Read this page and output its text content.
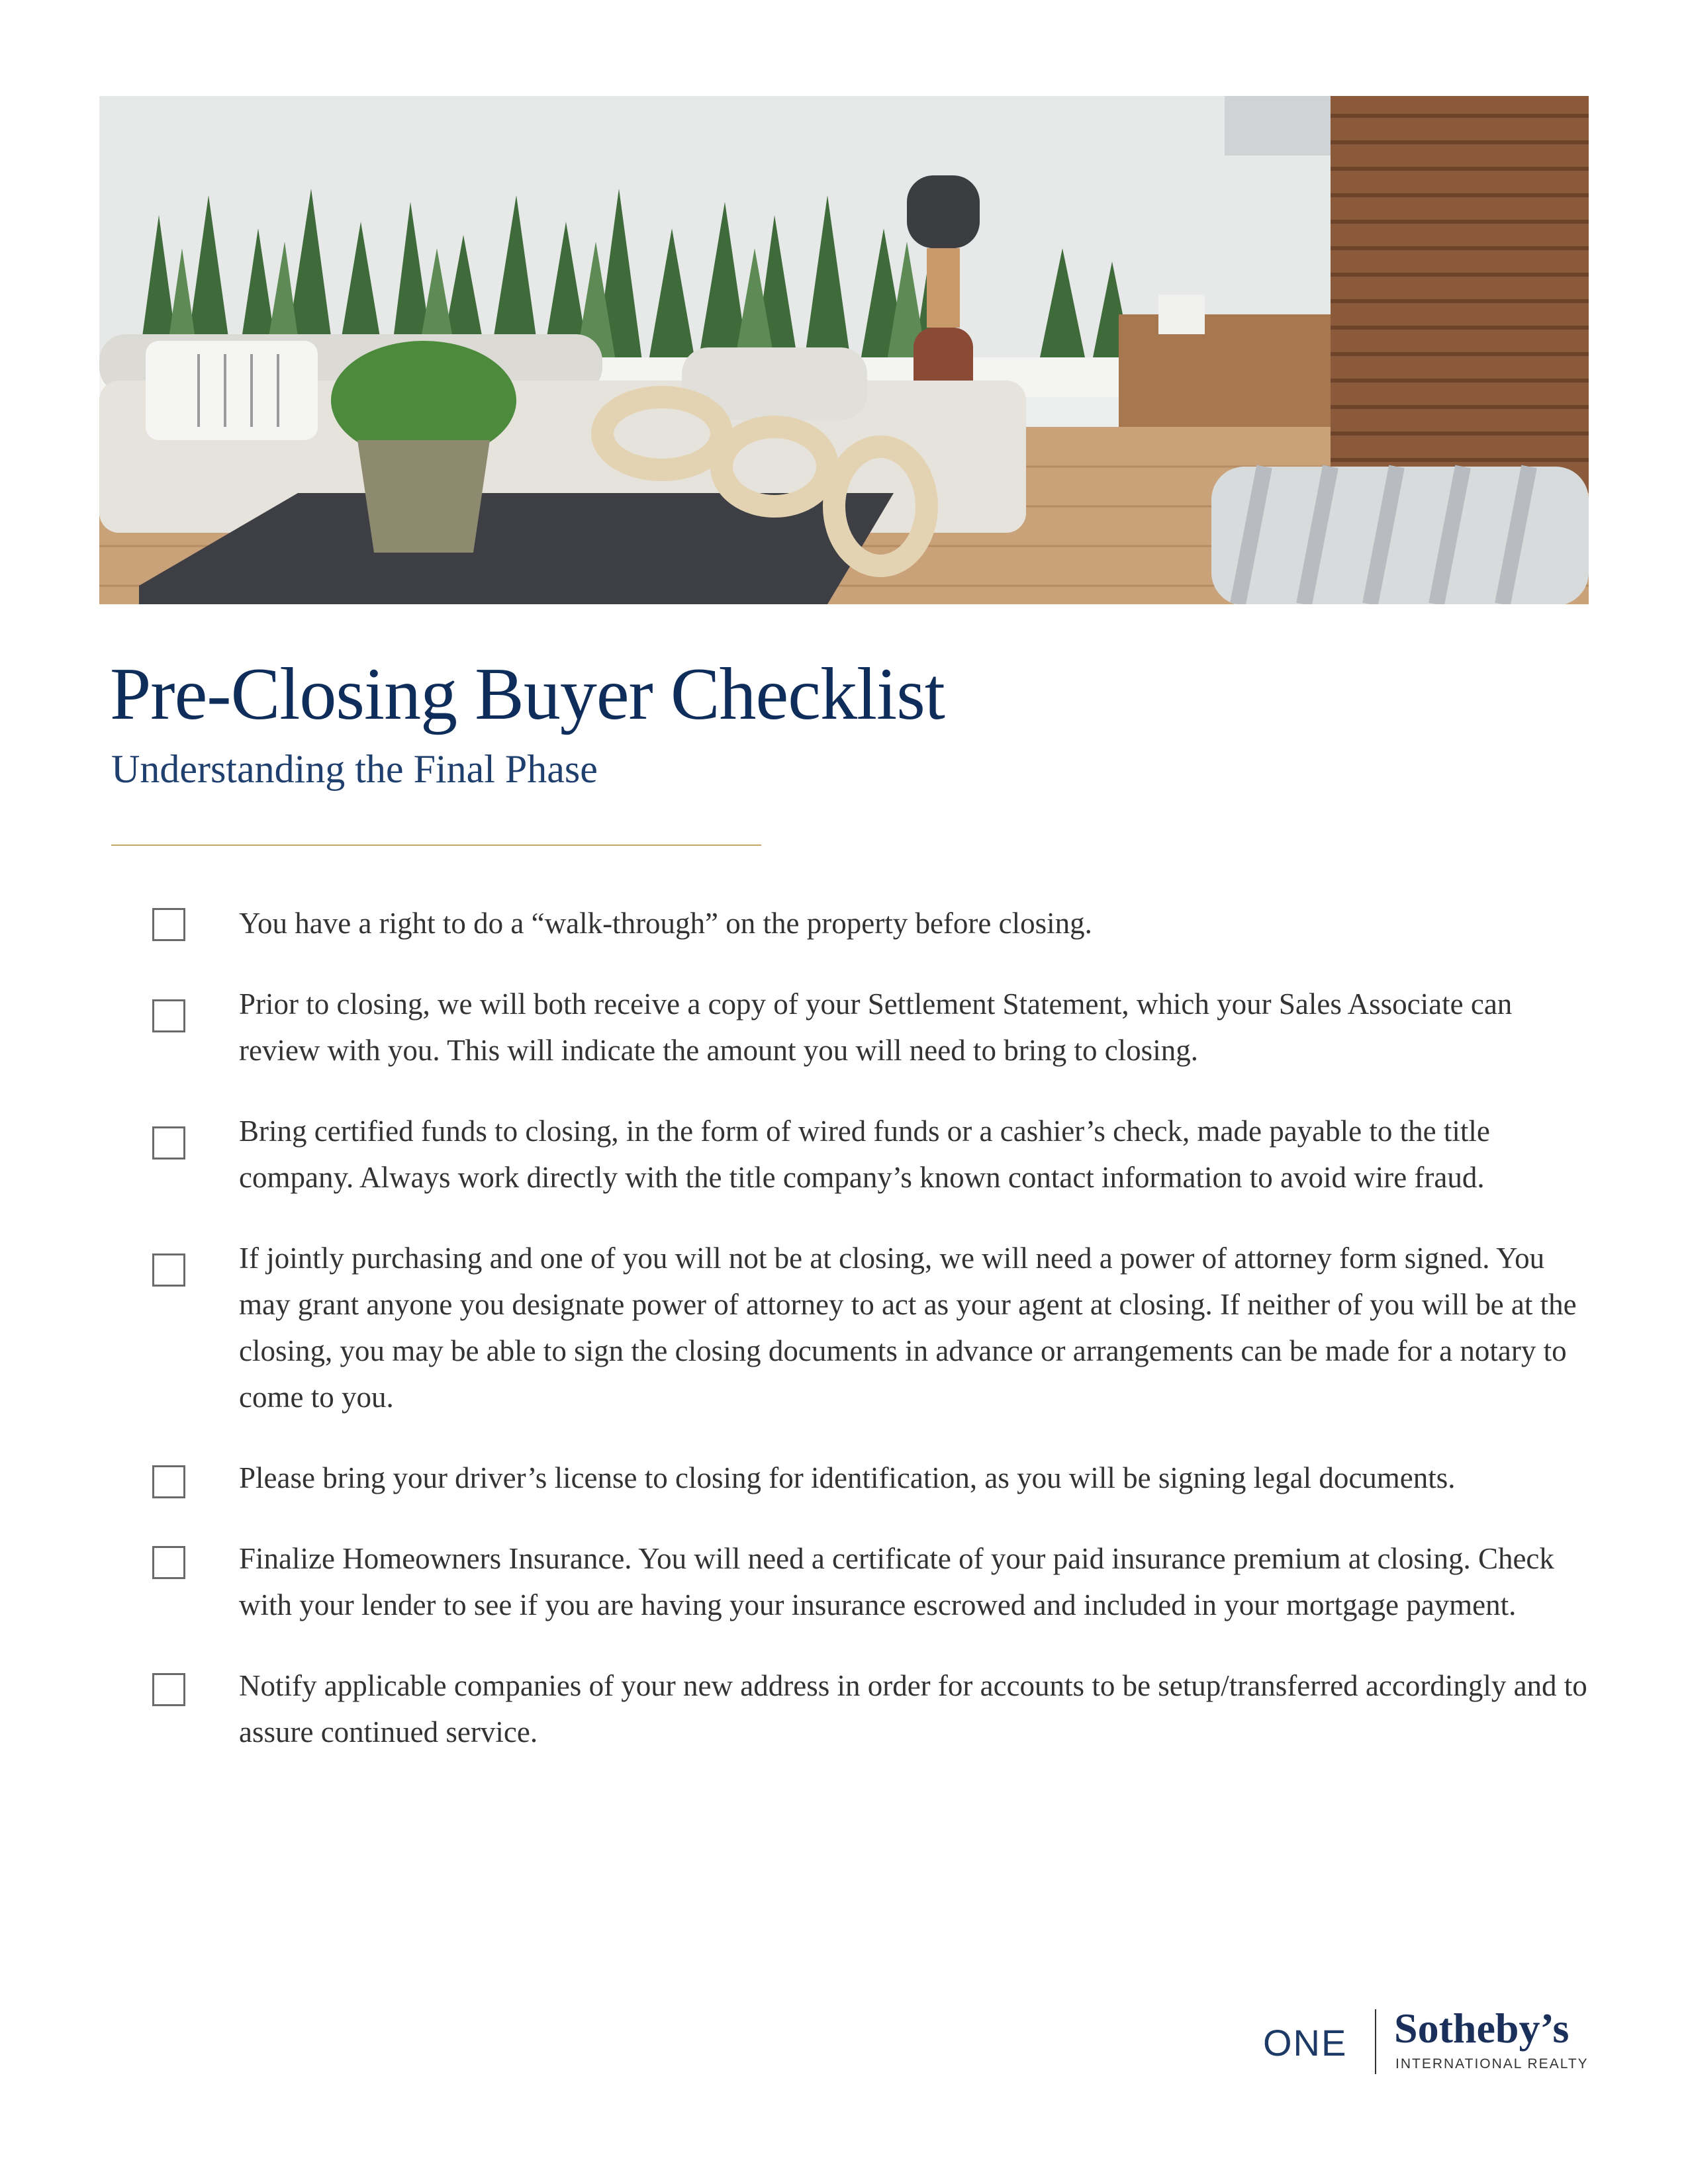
Pre-Closing Buyer Checklist
Understanding the Final Phase
You have a right to do a “walk-through” on the property before closing.
Prior to closing, we will both receive a copy of your Settlement Statement, which your Sales Associate can review with you. This will indicate the amount you will need to bring to closing.
Bring certified funds to closing, in the form of wired funds or a cashier’s check, made payable to the title company. Always work directly with the title company’s known contact information to avoid wire fraud.
If jointly purchasing and one of you will not be at closing, we will need a power of attorney form signed. You may grant anyone you designate power of attorney to act as your agent at closing. If neither of you will be at the closing, you may be able to sign the closing documents in advance or arrangements can be made for a notary to come to you.
Please bring your driver’s license to closing for identification, as you will be signing legal documents.
Finalize Homeowners Insurance. You will need a certificate of your paid insurance premium at closing. Check with your lender to see if you are having your insurance escrowed and included in your mortgage payment.
Notify applicable companies of your new address in order for accounts to be setup/transferred accordingly and to assure continued service.
ONE Sotheby’s
INTERNATIONAL REALTY
